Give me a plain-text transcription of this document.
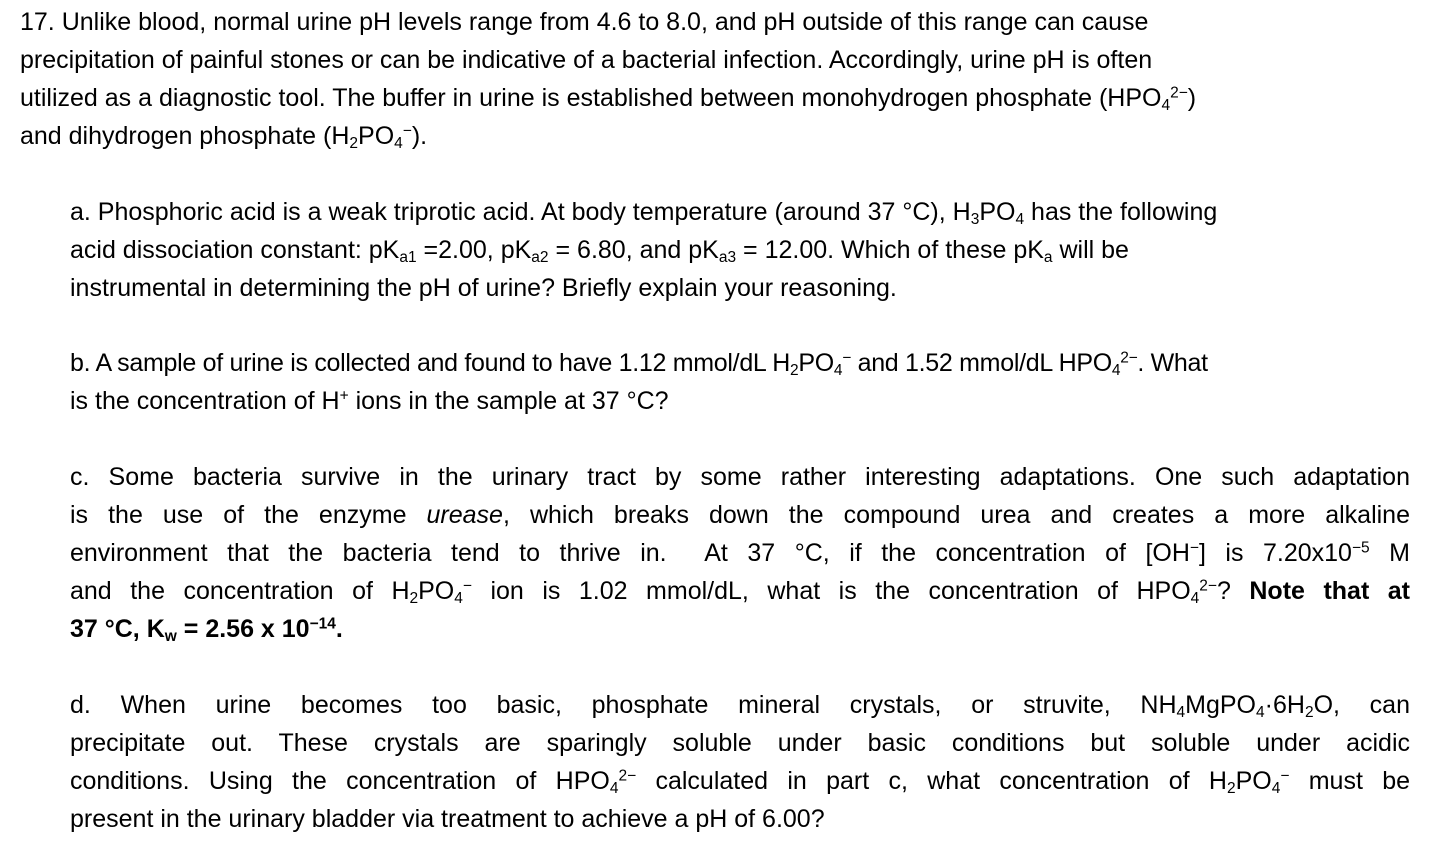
17. Unlike blood, normal urine pH levels range from 4.6 to 8.0, and pH outside of this range can cause
precipitation of painful stones or can be indicative of a bacterial infection. Accordingly, urine pH is often
utilized as a diagnostic tool. The buffer in urine is established between monohydrogen phosphate $(HPO_4^{2-})$
and dihydrogen phosphate $(H_2PO_4^-)$.
a. Phosphoric acid is a weak triprotic acid. At body temperature (around 37 °C), $H_3PO_4$ has the following
acid dissociation constant: $pK_{a1} =2.00$, $pK_{a2} = 6.80$, and $pK_{a3} = 12.00$. Which of these $pK_a$ will be
instrumental in determining the pH of urine? Briefly explain your reasoning.
b. A sample of urine is collected and found to have 1.12 mmol/dL $H_2PO_4^-$ and 1.52 mmol/dL $HPO_4^{2-}$. What
is the concentration of H+ ions in the sample at 37 °C?
c. Some bacteria survive in the urinary tract by some rather interesting adaptations. One such adaptation
is the use of the enzyme urease, which breaks down the compound urea and creates a more alkaline
environment that the bacteria tend to thrive in.  At 37 °C, if the concentration of [OH−] is $7.20x10^{-5}$ M
and the concentration of $H_2PO_4^-$ ion is 1.02 mmol/dL, what is the concentration of $HPO_4^{2-}$? Note that at
37 °C, $K_w = 2.56$ x $10^{-14}$.
d. When urine becomes too basic, phosphate mineral crystals, or struvite, $NH_4MgPO_4\cdot 6H_2O$, can
precipitate out. These crystals are sparingly soluble under basic conditions but soluble under acidic
conditions. Using the concentration of $HPO_4^{2-}$ calculated in part c, what concentration of $H_2PO_4^-$ must be
present in the urinary bladder via treatment to achieve a pH of 6.00?
